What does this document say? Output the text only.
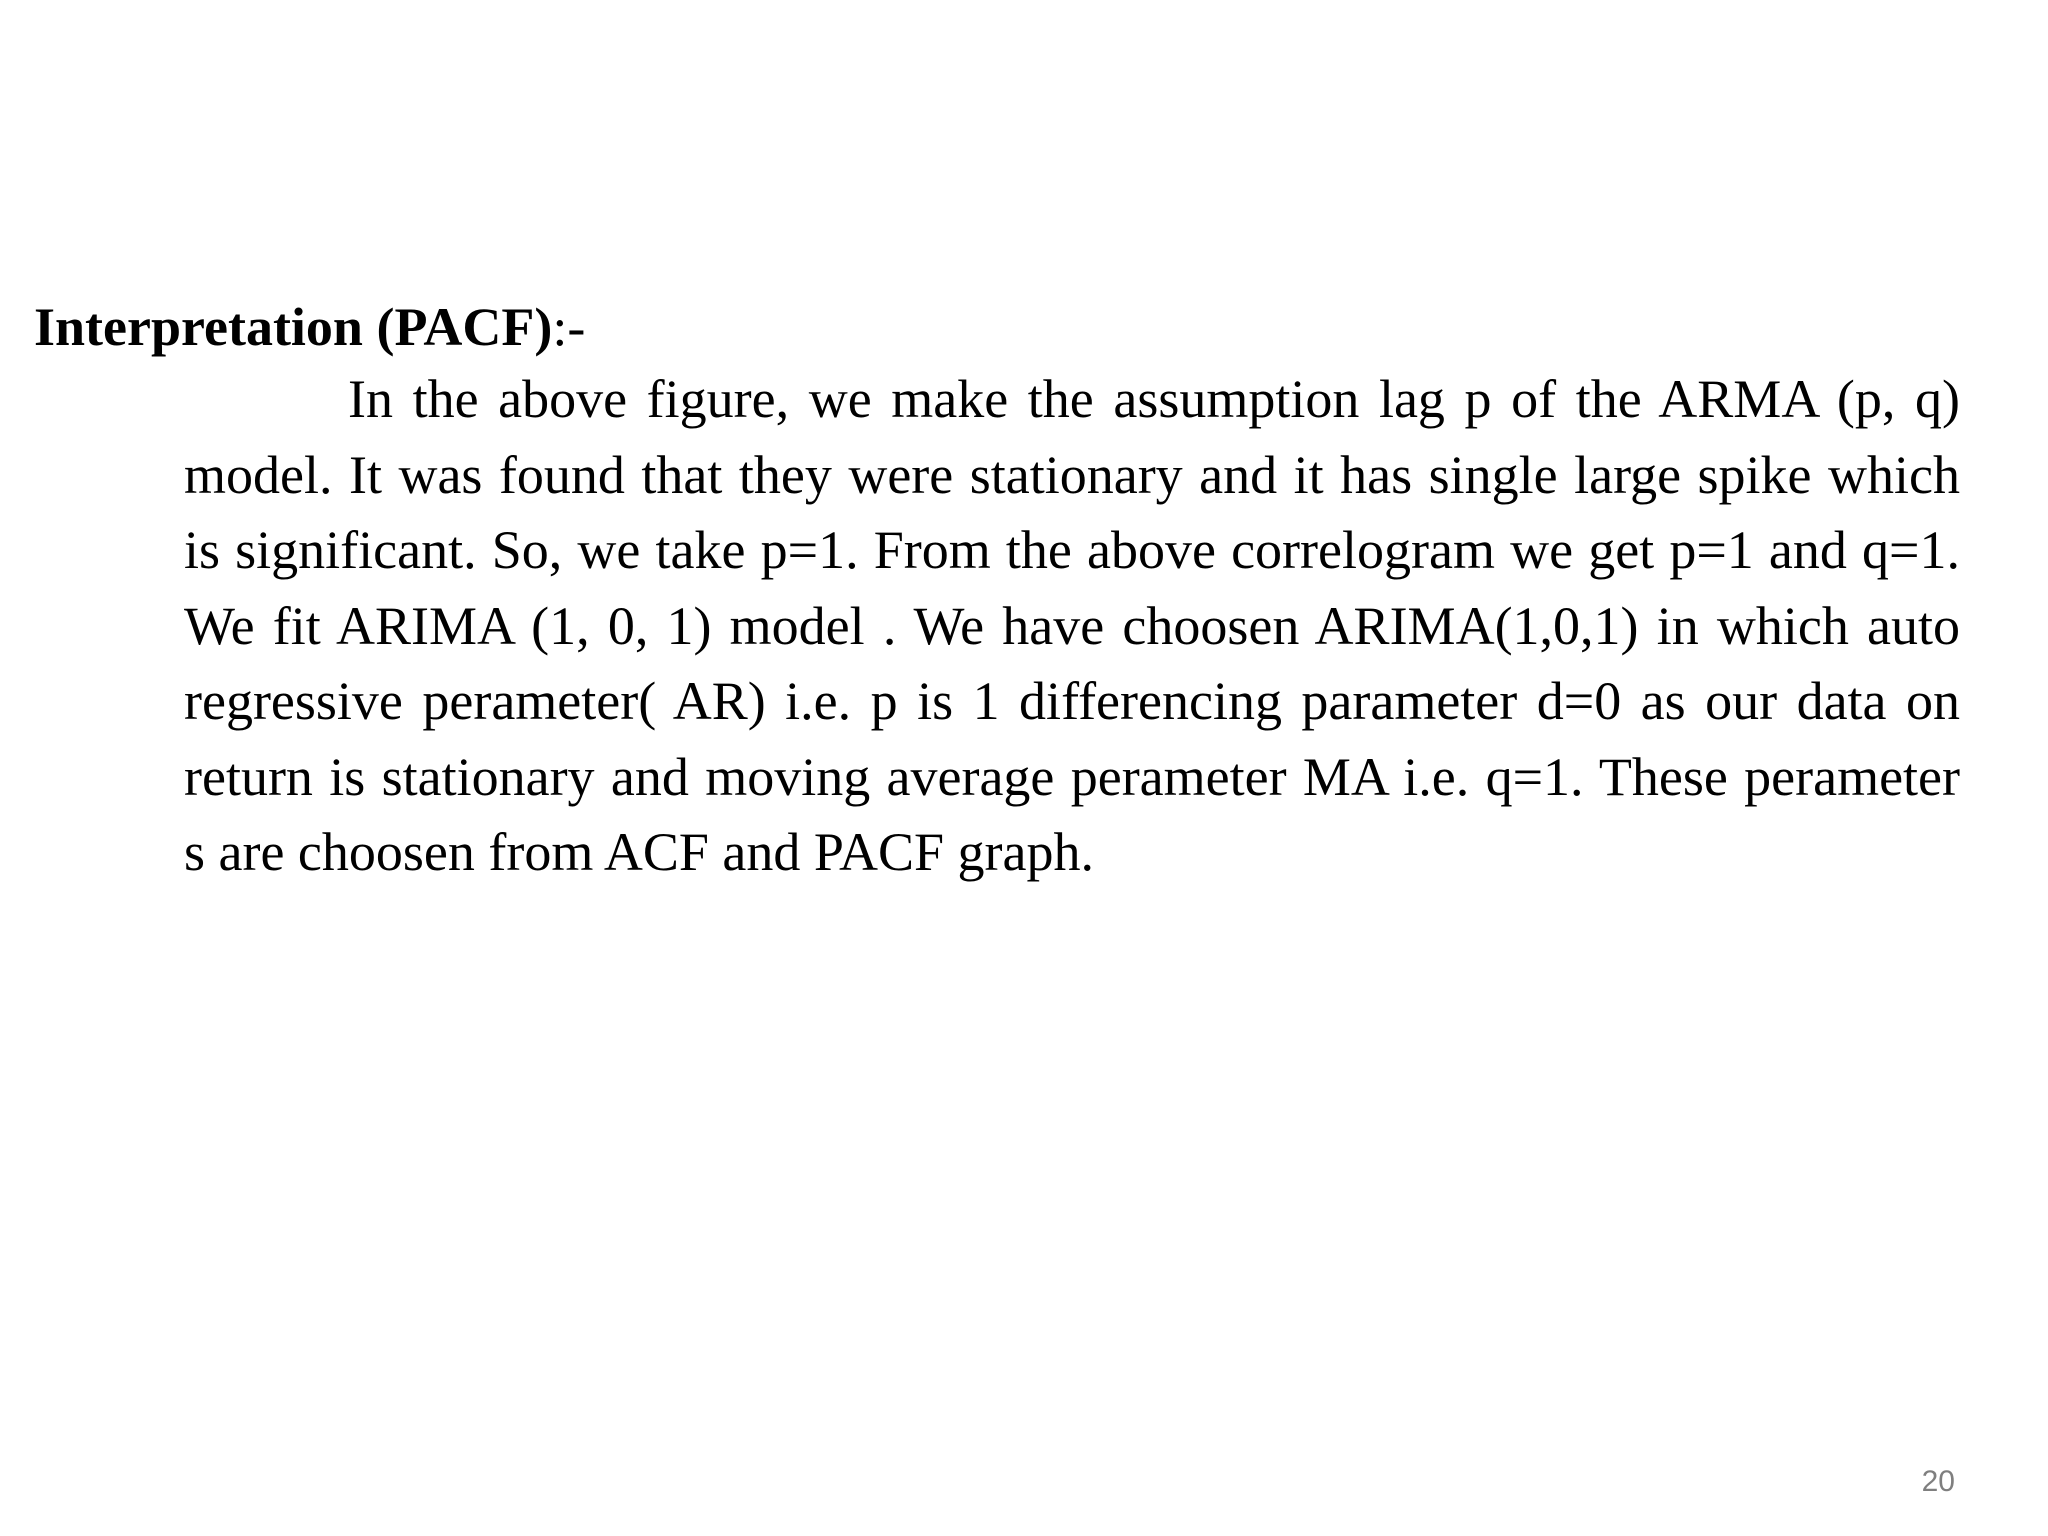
Interpretation (PACF):-

In the above figure, we make the assumption lag p of the ARMA (p, q) model. It was found that they were stationary and it has single large spike which is significant. So, we take p=1. From the above correlogram we get p=1 and q=1. We fit ARIMA (1, 0, 1) model . We have choosen ARIMA(1,0,1) in which auto regressive perameter( AR) i.e. p is 1 differencing parameter d=0 as our data on return is stationary and moving average perameter MA i.e. q=1. These perameter s are choosen from ACF and PACF graph.

20
